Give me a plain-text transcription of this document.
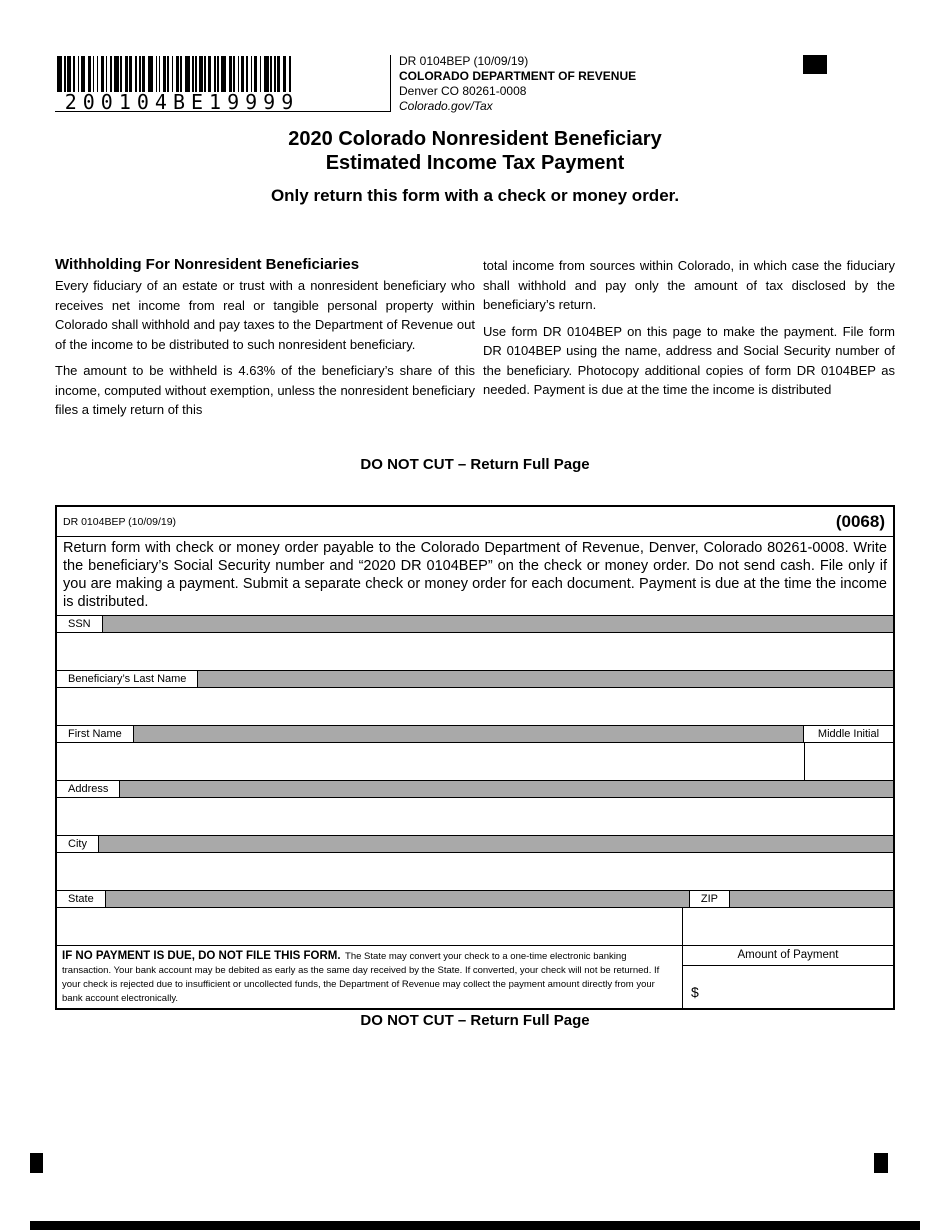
200104BE19999
DR 0104BEP (10/09/19)
COLORADO DEPARTMENT OF REVENUE
Denver CO 80261-0008
Colorado.gov/Tax
2020 Colorado Nonresident Beneficiary
Estimated Income Tax Payment
Only return this form with a check or money order.
Withholding For Nonresident Beneficiaries

Every fiduciary of an estate or trust with a nonresident beneficiary who receives net income from real or tangible personal property within Colorado shall withhold and pay taxes to the Department of Revenue out of the income to be distributed to such nonresident beneficiary.

The amount to be withheld is 4.63% of the beneficiary’s share of this income, computed without exemption, unless the nonresident beneficiary files a timely return of this

total income from sources within Colorado, in which case the fiduciary shall withhold and pay only the amount of tax disclosed by the beneficiary’s return.

Use form DR 0104BEP on this page to make the payment. File form DR 0104BEP using the name, address and Social Security number of the beneficiary. Photocopy additional copies of form DR 0104BEP as needed. Payment is due at the time the income is distributed

DO NOT CUT – Return Full Page
DR 0104BEP (10/09/19)	(0068)
Return form with check or money order payable to the Colorado Department of Revenue, Denver, Colorado 80261-0008. Write the beneficiary’s Social Security number and “2020 DR 0104BEP” on the check or money order. Do not send cash. File only if you are making a payment. Submit a separate check or money order for each document. Payment is due at the time the income is distributed.
SSN
Beneficiary’s Last Name
First Name	Middle Initial
Address
City
State	ZIP
IF NO PAYMENT IS DUE, DO NOT FILE THIS FORM. The State may convert your check to a one-time electronic banking transaction. Your bank account may be debited as early as the same day received by the State. If converted, your check will not be returned. If your check is rejected due to insufficient or uncollected funds, the Department of Revenue may collect the payment amount directly from your bank account electronically.
Amount of Payment
$
DO NOT CUT – Return Full Page
